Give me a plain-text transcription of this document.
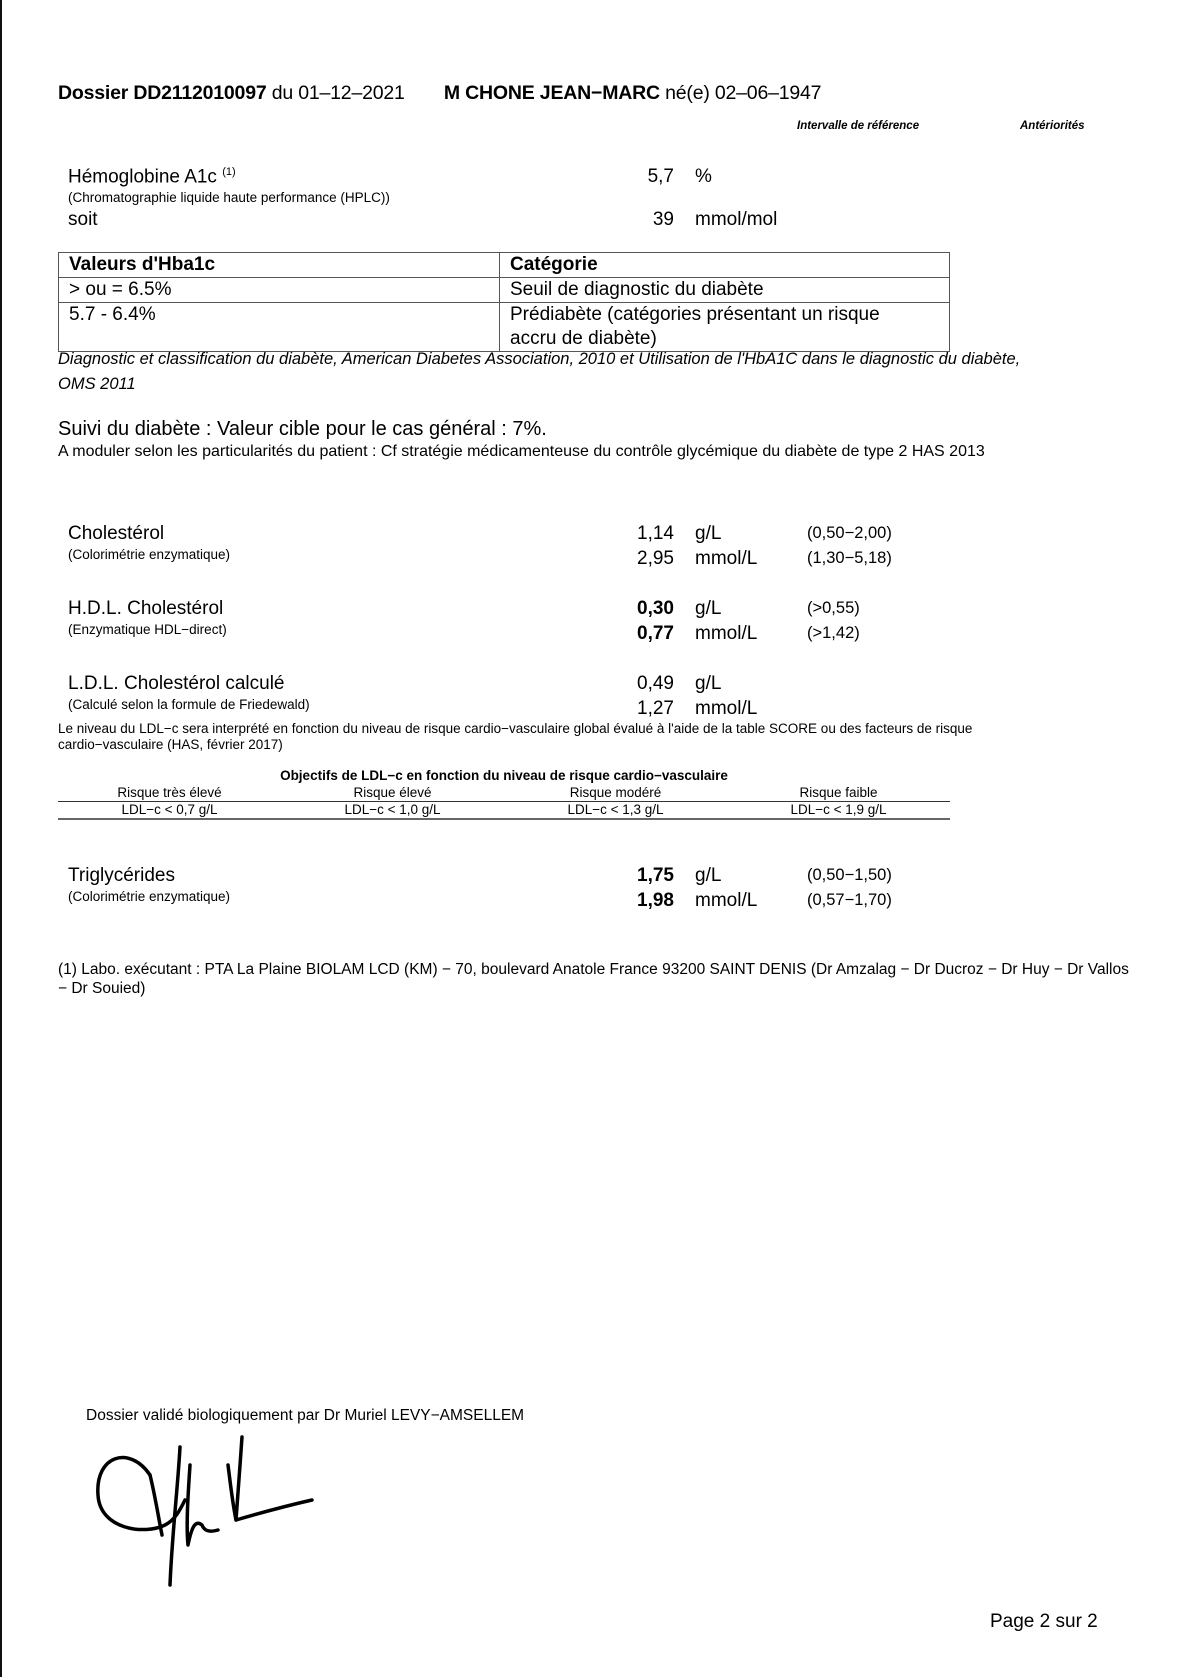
Dossier DD2112010097 du 01‒12‒2021 M CHONE JEAN−MARC né(e) 02‒06‒1947
Intervalle de référence	Antériorités
Hémoglobine A1c $^{(1)}$
(Chromatographie liquide haute performance (HPLC))
5,7 %
soit	39 mmol/mol
Valeurs d'Hba1c	Catégorie
> ou = 6.5%	Seuil de diagnostic du diabète
5.7 - 6.4%	Prédiabète (catégories présentant un risque
accru de diabète)
Diagnostic et classification du diabète, American Diabetes Association, 2010 et Utilisation de l'HbA1C dans le diagnostic du diabète,
OMS 2011
Suivi du diabète : Valeur cible pour le cas général : 7%.
A moduler selon les particularités du patient : Cf stratégie médicamenteuse du contrôle glycémique du diabète de type 2 HAS 2013
Cholestérol
(Colorimétrie enzymatique)
1,14 g/L	(0,50−2,00)
2,95 mmol/L	(1,30−5,18)
H.D.L. Cholestérol
(Enzymatique HDL−direct)
0,30 g/L	(>0,55)
0,77 mmol/L	(>1,42)
L.D.L. Cholestérol calculé
(Calculé selon la formule de Friedewald)
0,49 g/L
1,27 mmol/L
Le niveau du LDL−c sera interprété en fonction du niveau de risque cardio−vasculaire global évalué à l'aide de la table SCORE ou des facteurs de risque
cardio−vasculaire (HAS, février 2017)
Objectifs de LDL−c en fonction du niveau de risque cardio−vasculaire
Risque très élevé	Risque élevé	Risque modéré	Risque faible
LDL−c < 0,7 g/L	LDL−c < 1,0 g/L	LDL−c < 1,3 g/L	LDL−c < 1,9 g/L
Triglycérides
(Colorimétrie enzymatique)
1,75 g/L	(0,50−1,50)
1,98 mmol/L	(0,57−1,70)
(1) Labo. exécutant : PTA La Plaine BIOLAM LCD (KM) − 70, boulevard Anatole France 93200 SAINT DENIS (Dr Amzalag − Dr Ducroz − Dr Huy − Dr Vallos − Dr Souied)
Dossier validé biologiquement par Dr Muriel LEVY−AMSELLEM
Page 2 sur 2
